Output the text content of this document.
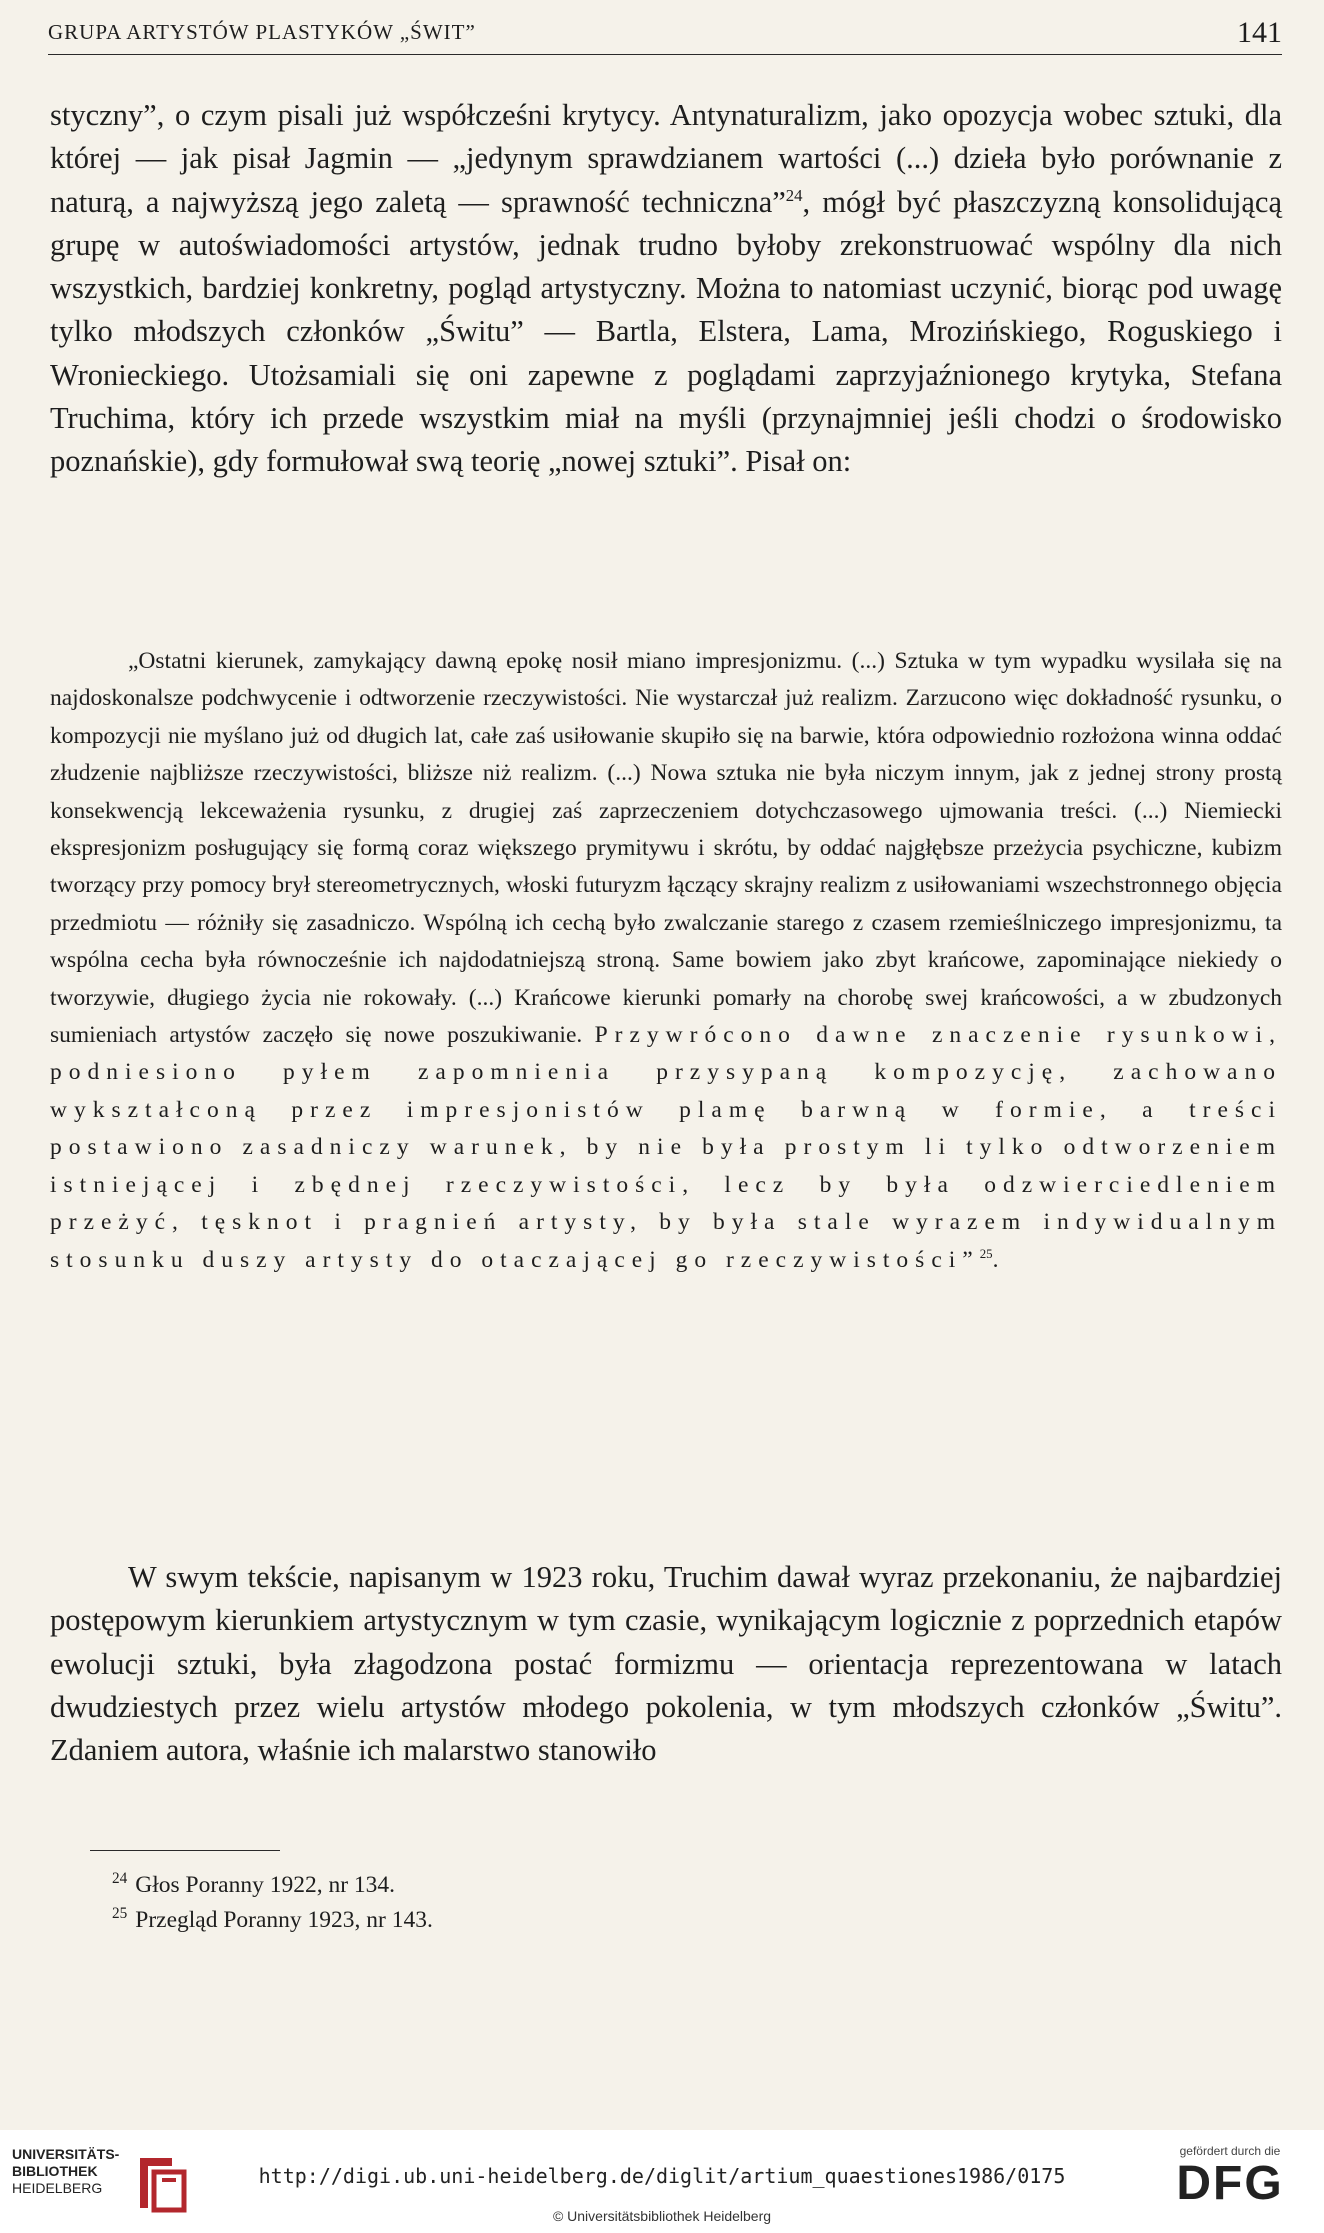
GRUPA ARTYSTÓW PLASTYKÓW „ŚWIT”	141

styczny”, o czym pisali już współcześni krytycy. Antynaturalizm, jako opozycja wobec sztuki, dla której — jak pisał Jagmin — „jedynym sprawdzianem wartości (...) dzieła było porównanie z naturą, a najwyższą jego zaletą — sprawność techniczna”$^{24}$, mógł być płaszczyzną konsolidującą grupę w autoświadomości artystów, jednak trudno byłoby zrekonstruować wspólny dla nich wszystkich, bardziej konkretny, pogląd artystyczny. Można to natomiast uczynić, biorąc pod uwagę tylko młodszych członków „Świtu” — Bartla, Elstera, Lama, Mrozińskiego, Roguskiego i Wronieckiego. Utożsamiali się oni zapewne z poglądami zaprzyjaźnionego krytyka, Stefana Truchima, który ich przede wszystkim miał na myśli (przynajmniej jeśli chodzi o środowisko poznańskie), gdy formułował swą teorię „nowej sztuki”. Pisał on:

„Ostatni kierunek, zamykający dawną epokę nosił miano impresjonizmu. (...) Sztuka w tym wypadku wysilała się na najdoskonalsze podchwycenie i odtworzenie rzeczywistości. Nie wystarczał już realizm. Zarzucono więc dokładność rysunku, o kompozycji nie myślano już od długich lat, całe zaś usiłowanie skupiło się na barwie, która odpowiednio rozłożona winna oddać złudzenie najbliższe rzeczywistości, bliższe niż realizm. (...) Nowa sztuka nie była niczym innym, jak z jednej strony prostą konsekwencją lekceważenia rysunku, z drugiej zaś zaprzeczeniem dotychczasowego ujmowania treści. (...) Niemiecki ekspresjonizm posługujący się formą coraz większego prymitywu i skrótu, by oddać najgłębsze przeżycia psychiczne, kubizm tworzący przy pomocy brył stereometrycznych, włoski futuryzm łączący skrajny realizm z usiłowaniami wszechstronnego objęcia przedmiotu — różniły się zasadniczo. Wspólną ich cechą było zwalczanie starego z czasem rzemieślniczego impresjonizmu, ta wspólna cecha była równocześnie ich najdodatniejszą stroną. Same bowiem jako zbyt krańcowe, zapominające niekiedy o tworzywie, długiego życia nie rokowały. (...) Krańcowe kierunki pomarły na chorobę swej krańcowości, a w zbudzonych sumieniach artystów zaczęło się nowe poszukiwanie. Przywrócono dawne znaczenie rysunkowi, podniesiono pyłem zapomnienia przysypaną kompozycję, zachowano wykształconą przez impresjonistów plamę barwną w formie, a treści postawiono zasadniczy warunek, by nie była prostym li tylko odtworzeniem istniejącej i zbędnej rzeczywistości, lecz by była odzwierciedleniem przeżyć, tęsknot i pragnień artysty, by była stale wyrazem indywidualnym stosunku duszy artysty do otaczającej go rzeczywistości”$^{25}$.

W swym tekście, napisanym w 1923 roku, Truchim dawał wyraz przekonaniu, że najbardziej postępowym kierunkiem artystycznym w tym czasie, wynikającym logicznie z poprzednich etapów ewolucji sztuki, była złagodzona postać formizmu — orientacja reprezentowana w latach dwudziestych przez wielu artystów młodego pokolenia, w tym młodszych członków „Świtu”. Zdaniem autora, właśnie ich malarstwo stanowiło

$^{24}$ Głos Poranny 1922, nr 134.
$^{25}$ Przegląd Poranny 1923, nr 143.
UNIVERSITÄTS-
BIBLIOTHEK
HEIDELBERG	http://digi.ub.uni-heidelberg.de/diglit/artium_quaestiones1986/0175
© Universitätsbibliothek Heidelberg
gefördert durch die
DFG
